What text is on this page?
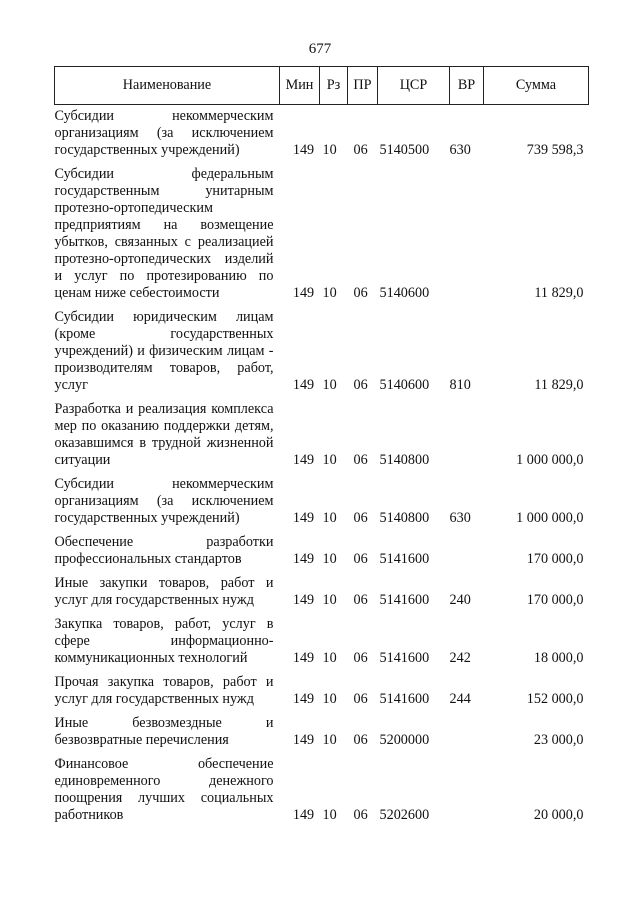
677
Наименование	Мин	Рз	ПР	ЦСР	ВР	Сумма
Субсидии некоммерческим организациям (за исключением государственных учреждений)	149	10	06	5140500	630	739 598,3
Субсидии федеральным государственным унитарным протезно-ортопедическим предприятиям на возмещение убытков, связанных с реализацией протезно-ортопедических изделий и услуг по протезированию по ценам ниже себестоимости	149	10	06	5140600		11 829,0
Субсидии юридическим лицам (кроме государственных учреждений) и физическим лицам - производителям товаров, работ, услуг	149	10	06	5140600	810	11 829,0
Разработка и реализация комплекса мер по оказанию поддержки детям, оказавшимся в трудной жизненной ситуации	149	10	06	5140800		1 000 000,0
Субсидии некоммерческим организациям (за исключением государственных учреждений)	149	10	06	5140800	630	1 000 000,0
Обеспечение разработки профессиональных стандартов	149	10	06	5141600		170 000,0
Иные закупки товаров, работ и услуг для государственных нужд	149	10	06	5141600	240	170 000,0
Закупка товаров, работ, услуг в сфере информационно-коммуникационных технологий	149	10	06	5141600	242	18 000,0
Прочая закупка товаров, работ и услуг для государственных нужд	149	10	06	5141600	244	152 000,0
Иные безвозмездные и безвозвратные перечисления	149	10	06	5200000		23 000,0
Финансовое обеспечение единовременного денежного поощрения лучших социальных работников	149	10	06	5202600		20 000,0
